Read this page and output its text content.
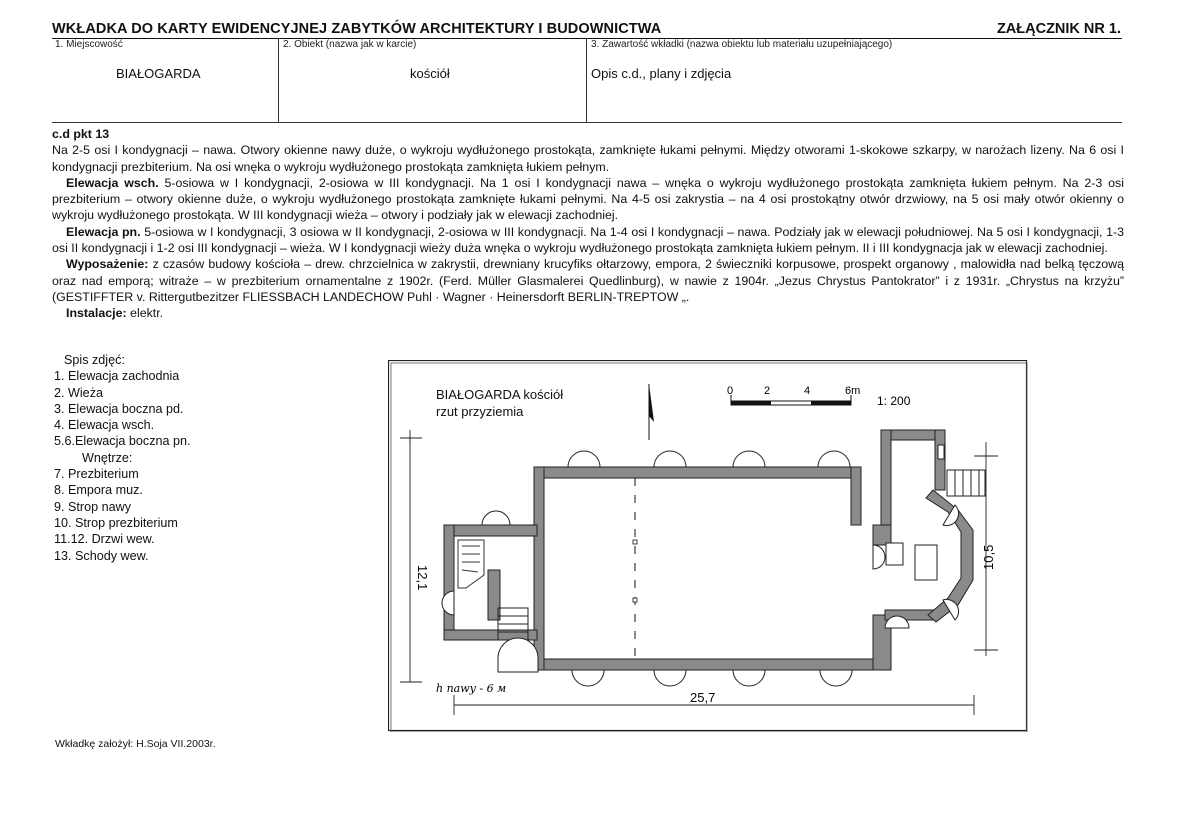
WKŁADKA DO KARTY EWIDENCYJNEJ ZABYTKÓW ARCHITEKTURY I BUDOWNICTWA	ZAŁĄCZNIK NR 1.
1. Miejscowość
BIAŁOGARDA
2. Obiekt (nazwa jak w karcie)
kościół
3. Zawartość wkładki (nazwa obiektu lub materiału uzupełniającego)
Opis c.d., plany i zdjęcia

c.d pkt 13

Na 2-5 osi I kondygnacji – nawa. Otwory okienne nawy duże, o wykroju wydłużonego prostokąta, zamknięte łukami pełnymi. Między otworami 1-skokowe szkarpy, w narożach lizeny. Na 6 osi I kondygnacji prezbiterium. Na osi wnęka o wykroju wydłużonego prostokąta zamknięta łukiem pełnym.

Elewacja wsch. 5-osiowa w I kondygnacji, 2-osiowa w III kondygnacji. Na 1 osi I kondygnacji nawa – wnęka o wykroju wydłużonego prostokąta zamknięta łukiem pełnym. Na 2-3 osi prezbiterium – otwory okienne duże, o wykroju wydłużonego prostokąta zamknięte łukami pełnymi. Na 4-5 osi zakrystia – na 4 osi prostokątny otwór drzwiowy, na 5 osi mały otwór okienny o wykroju wydłużonego prostokąta. W III kondygnacji wieża – otwory i podziały jak w elewacji zachodniej.

Elewacja pn. 5-osiowa w I kondygnacji, 3 osiowa w II kondygnacji, 2-osiowa w III kondygnacji. Na 1-4 osi I kondygnacji – nawa. Podziały jak w elewacji południowej. Na 5 osi I kondygnacji, 1-3 osi II kondygnacji i 1-2 osi III kondygnacji – wieża. W I kondygnacji wieży duża wnęka o wykroju wydłużonego prostokąta zamknięta łukiem pełnym. II i III kondygnacja jak w elewacji zachodniej.

Wyposażenie: z czasów budowy kościoła – drew. chrzcielnica w zakrystii, drewniany krucyfiks ołtarzowy, empora, 2 świeczniki korpusowe, prospekt organowy , malowidła nad belką tęczową oraz nad emporą; witraże – w prezbiterium ornamentalne z 1902r. (Ferd. Müller Glasmalerei Quedlinburg), w nawie z 1904r. „Jezus Chrystus Pantokrator” i z 1931r. „Chrystus na krzyżu” (GESTIFFTER v. Rittergutbezitzer FLIESSBACH LANDECHOW Puhl · Wagner · Heinersdorft BERLIN-TREPTOW „.

Instalacje: elektr.

Spis zdjęć:
1. Elewacja zachodnia
2. Wieża
3. Elewacja boczna pd.
4. Elewacja wsch.
5.6.Elewacja boczna pn.
Wnętrze:
7. Prezbiterium
8. Empora muz.
9. Strop nawy
10. Strop prezbiterium
11.12. Drzwi wew.
13. Schody wew.
BIAŁOGARDA kościół
rzut przyziemia
0	2	4	6m
1: 200
12,1
10,5
25,7
h nawy - 6 м
Wkładkę założył: H.Soja VII.2003r.
